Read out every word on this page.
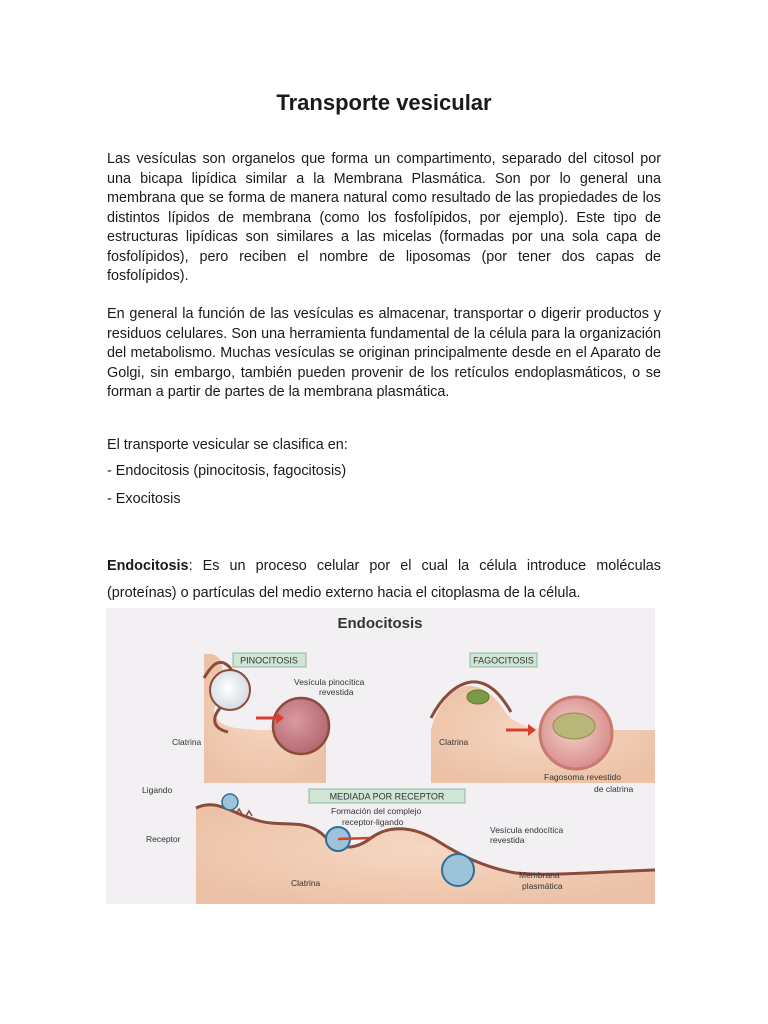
Transporte vesicular

Las vesículas son organelos que forma un compartimento, separado del citosol por una bicapa lipídica similar a la Membrana Plasmática. Son por lo general una membrana que se forma de manera natural como resultado de las propiedades de los distintos lípidos de membrana (como los fosfolípidos, por ejemplo). Este tipo de estructuras lipídicas son similares a las micelas (formadas por una sola capa de fosfolípidos), pero reciben el nombre de liposomas (por tener dos capas de fosfolípidos).

En general la función de las vesículas es almacenar, transportar o digerir productos y residuos celulares. Son una herramienta fundamental de la célula para la organización del metabolismo. Muchas vesículas se originan principalmente desde en el Aparato de Golgi, sin embargo, también pueden provenir de los retículos endoplasmáticos, o se forman a partir de partes de la membrana plasmática.

El transporte vesicular se clasifica en:

- Endocitosis (pinocitosis, fagocitosis)

- Exocitosis

Endocitosis: Es un proceso celular por el cual la célula introduce moléculas (proteínas) o partículas del medio externo hacia el citoplasma de la célula.

Endocitosis
PINOCITOSIS
Vesícula pinocítica
revestida
Clatrina
FAGOCITOSIS
Clatrina
Fagosoma revestido
de clatrina
MEDIADA POR RECEPTOR
Ligando
Receptor
Formación del complejo
receptor-ligando
Vesícula endocítica
revestida
Clatrina
Membrana
plasmática
